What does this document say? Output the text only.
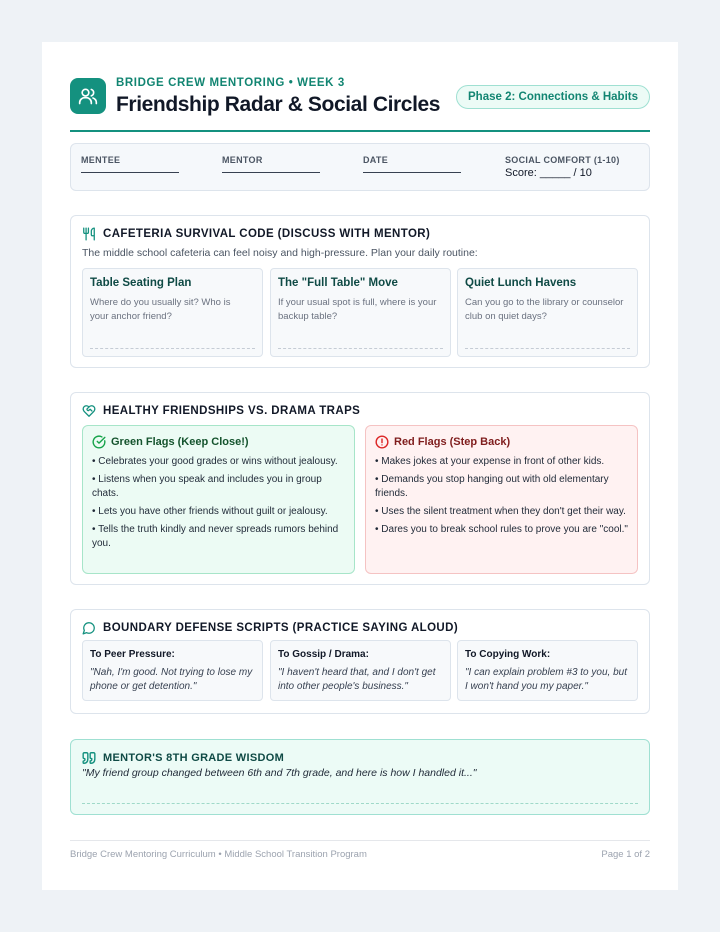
BRIDGE CREW MENTORING • WEEK 3
Friendship Radar & Social Circles	Phase 2: Connections & Habits
MENTEE	MENTOR	DATE	SOCIAL COMFORT (1-10)
Score: _____ / 10
CAFETERIA SURVIVAL CODE (DISCUSS WITH MENTOR)
The middle school cafeteria can feel noisy and high-pressure. Plan your daily routine:
Table Seating Plan
Where do you usually sit? Who is your anchor friend?
The "Full Table" Move
If your usual spot is full, where is your backup table?
Quiet Lunch Havens
Can you go to the library or counselor club on quiet days?
HEALTHY FRIENDSHIPS VS. DRAMA TRAPS
Green Flags (Keep Close!)
• Celebrates your good grades or wins without jealousy.
• Listens when you speak and includes you in group chats.
• Lets you have other friends without guilt or jealousy.
• Tells the truth kindly and never spreads rumors behind you.
Red Flags (Step Back)
• Makes jokes at your expense in front of other kids.
• Demands you stop hanging out with old elementary friends.
• Uses the silent treatment when they don't get their way.
• Dares you to break school rules to prove you are "cool."
BOUNDARY DEFENSE SCRIPTS (PRACTICE SAYING ALOUD)
To Peer Pressure:
"Nah, I'm good. Not trying to lose my phone or get detention."
To Gossip / Drama:
"I haven't heard that, and I don't get into other people's business."
To Copying Work:
"I can explain problem #3 to you, but I won't hand you my paper."
MENTOR'S 8TH GRADE WISDOM
"My friend group changed between 6th and 7th grade, and here is how I handled it..."
Bridge Crew Mentoring Curriculum • Middle School Transition Program	Page 1 of 2
